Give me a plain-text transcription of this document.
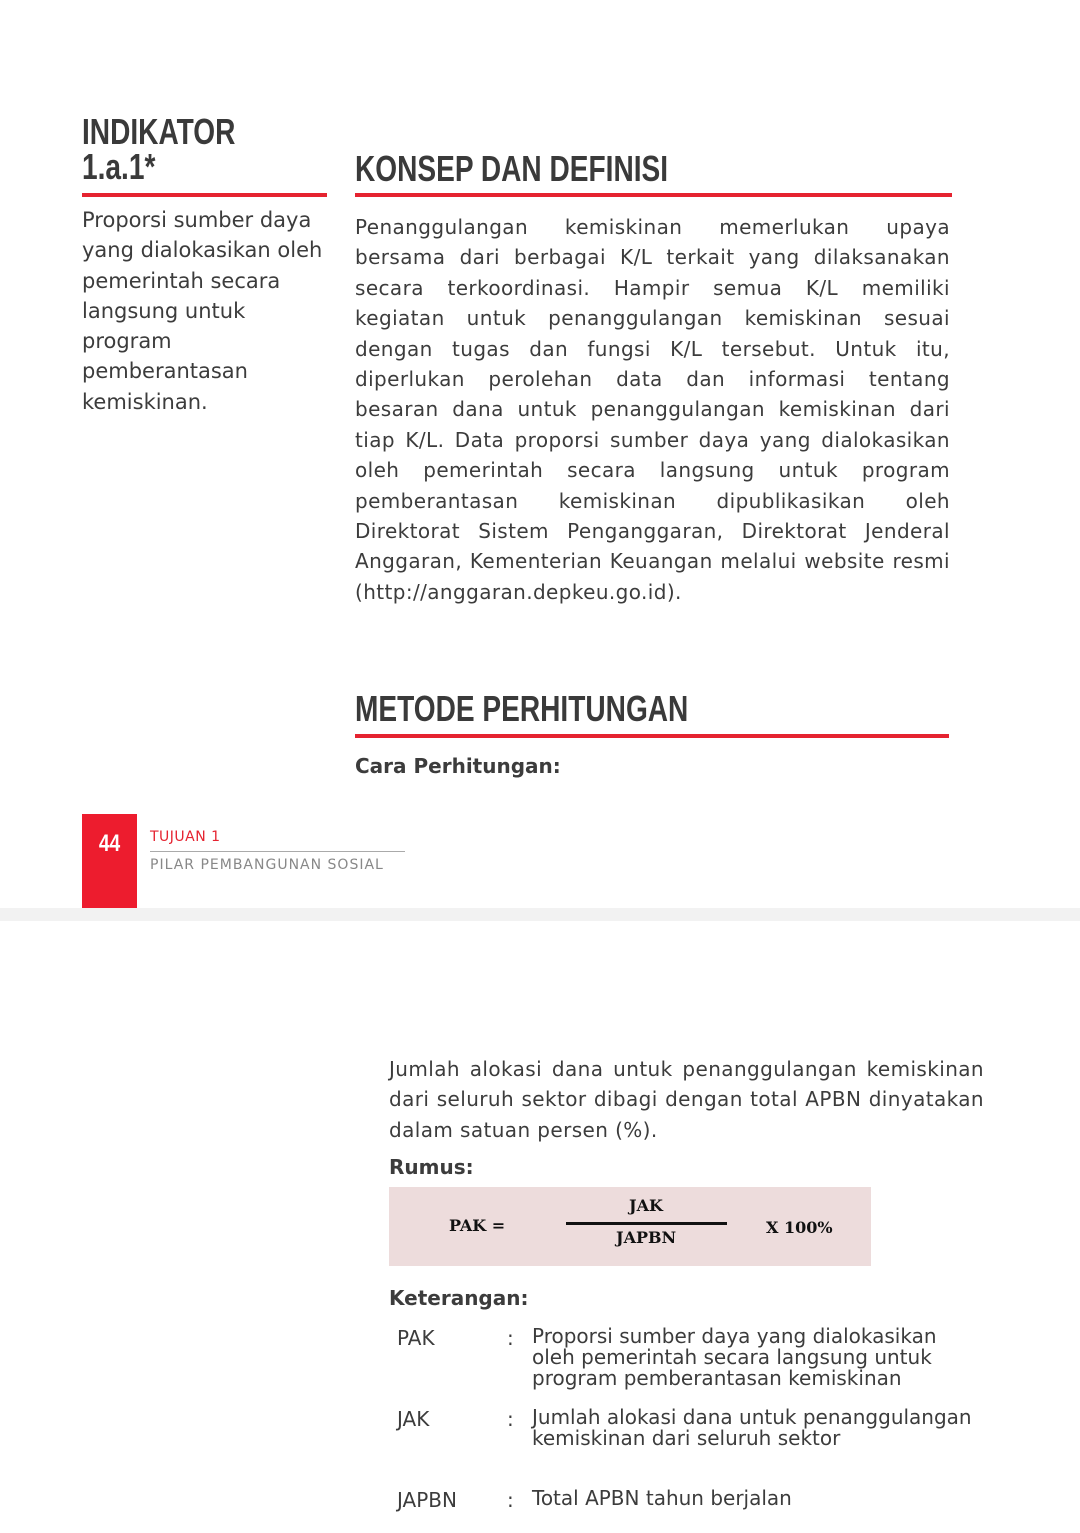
INDIKATOR
1.a.1*
Proporsi sumber daya yang dialokasikan oleh pemerintah secara langsung untuk program pemberantasan kemiskinan.
KONSEP DAN DEFINISI
Penanggulangan kemiskinan memerlukan upaya bersama dari berbagai K/L terkait yang dilaksanakan secara terkoordinasi. Hampir semua K/L memiliki kegiatan untuk penanggulangan kemiskinan sesuai dengan tugas dan fungsi K/L tersebut. Untuk itu, diperlukan perolehan data dan informasi tentang besaran dana untuk penanggulangan kemiskinan dari tiap K/L. Data proporsi sumber daya yang dialokasikan oleh pemerintah secara langsung untuk program pemberantasan kemiskinan dipublikasikan oleh Direktorat Sistem Penganggaran, Direktorat Jenderal Anggaran, Kementerian Keuangan melalui website resmi (http://anggaran.depkeu.go.id).
METODE PERHITUNGAN
Cara Perhitungan:
44	TUJUAN 1
PILAR PEMBANGUNAN SOSIAL
Jumlah alokasi dana untuk penanggulangan kemiskinan dari seluruh sektor dibagi dengan total APBN dinyatakan dalam satuan persen (%).
Rumus:
PAK =
JAK
JAPBN
X 100%
Keterangan:
PAK	: Proporsi sumber daya yang dialokasikan oleh pemerintah secara langsung untuk program pemberantasan kemiskinan
JAK	: Jumlah alokasi dana untuk penanggulangan kemiskinan dari seluruh sektor
JAPBN	: Total APBN tahun berjalan
